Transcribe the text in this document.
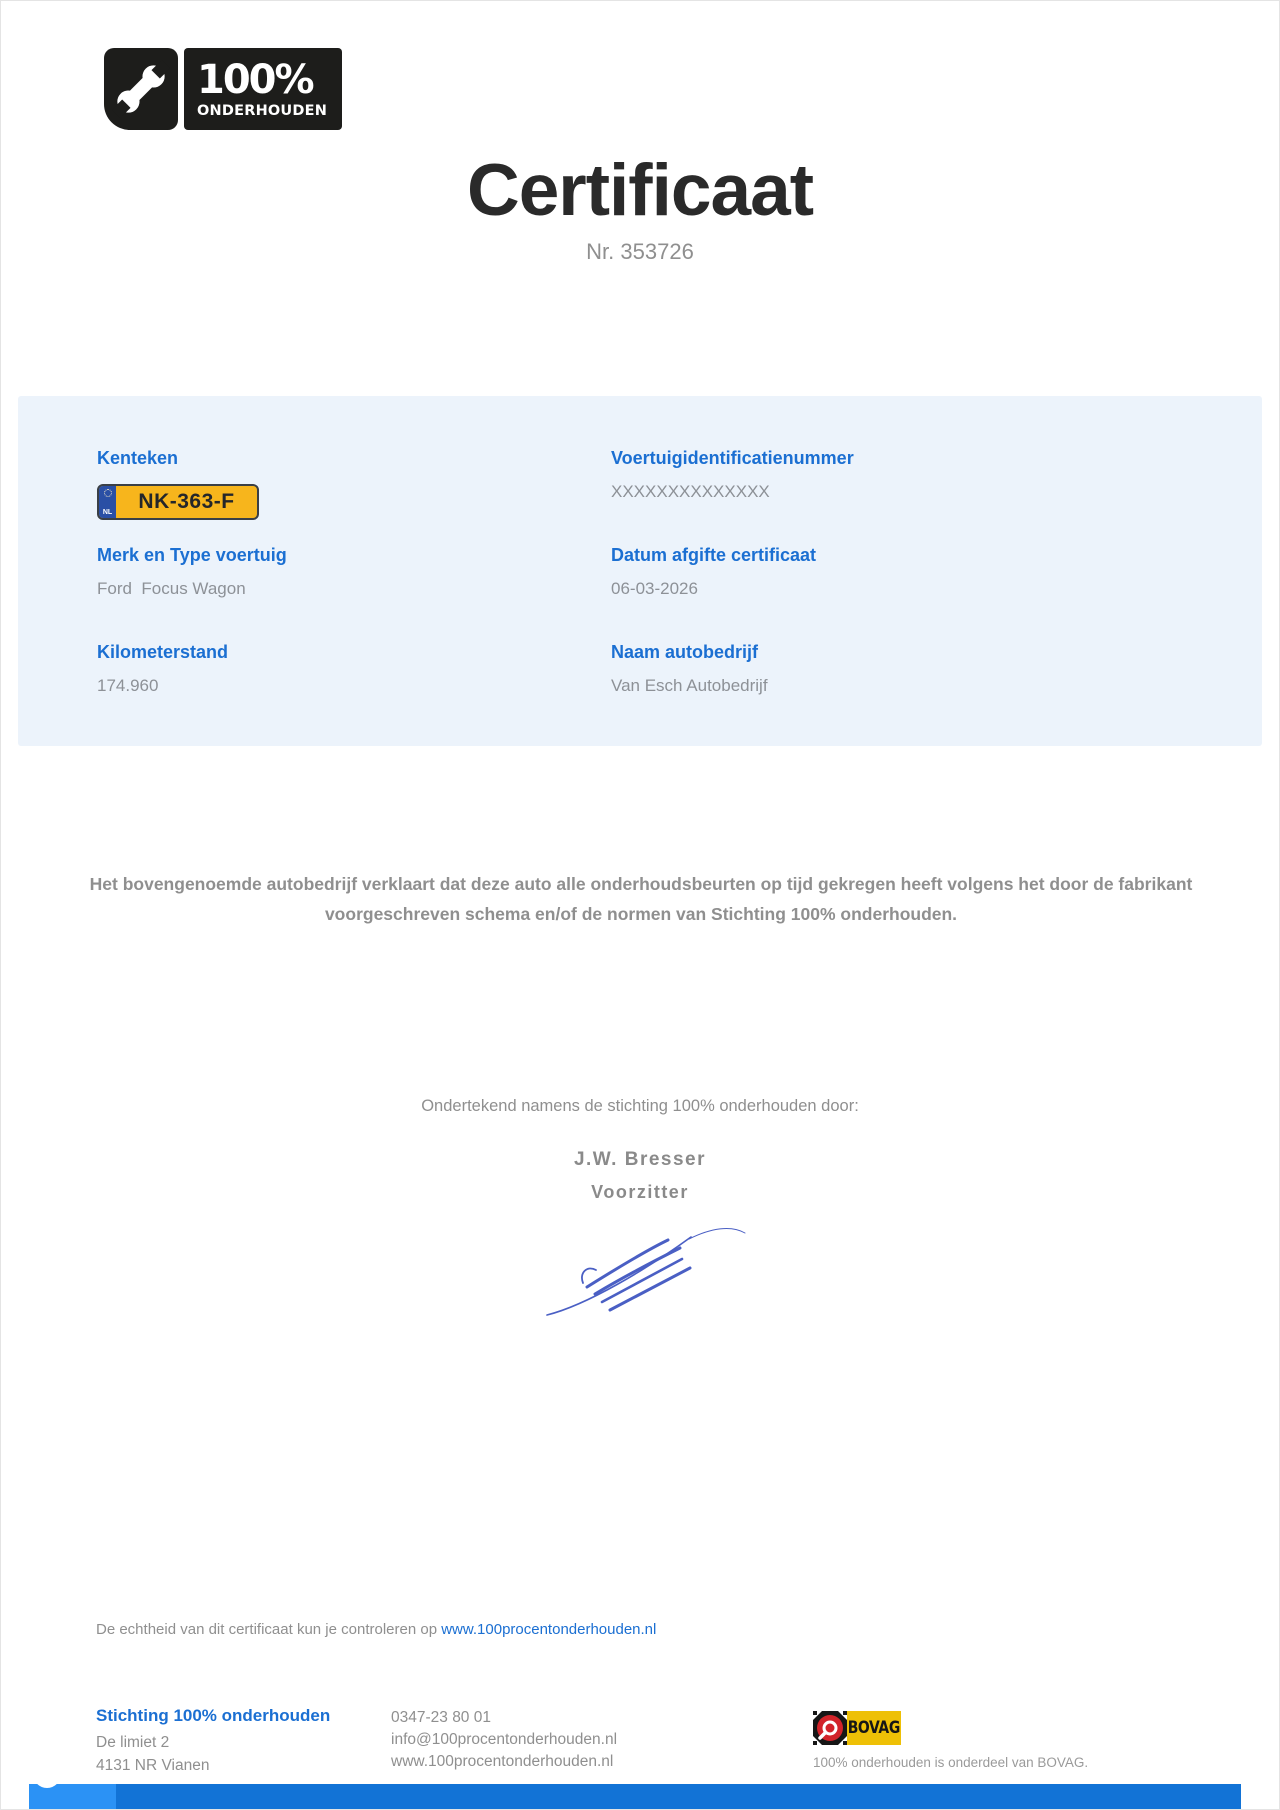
100%
ONDERHOUDEN
Certificaat
Nr. 353726
Kenteken
NL	NK-363-F
Voertuigidentificatienummer
XXXXXXXXXXXXXX
Merk en Type voertuig
Ford  Focus Wagon
Datum afgifte certificaat
06-03-2026
Kilometerstand
174.960
Naam autobedrijf
Van Esch Autobedrijf
Het bovengenoemde autobedrijf verklaart dat deze auto alle onderhoudsbeurten op tijd gekregen heeft volgens het door de fabrikant voorgeschreven schema en/of de normen van Stichting 100% onderhouden.
Ondertekend namens de stichting 100% onderhouden door:
J.W. Bresser
Voorzitter
De echtheid van dit certificaat kun je controleren op www.100procentonderhouden.nl
Stichting 100% onderhouden
De limiet 2
4131 NR Vianen
0347-23 80 01
info@100procentonderhouden.nl
www.100procentonderhouden.nl
BOVAG
100% onderhouden is onderdeel van BOVAG.
